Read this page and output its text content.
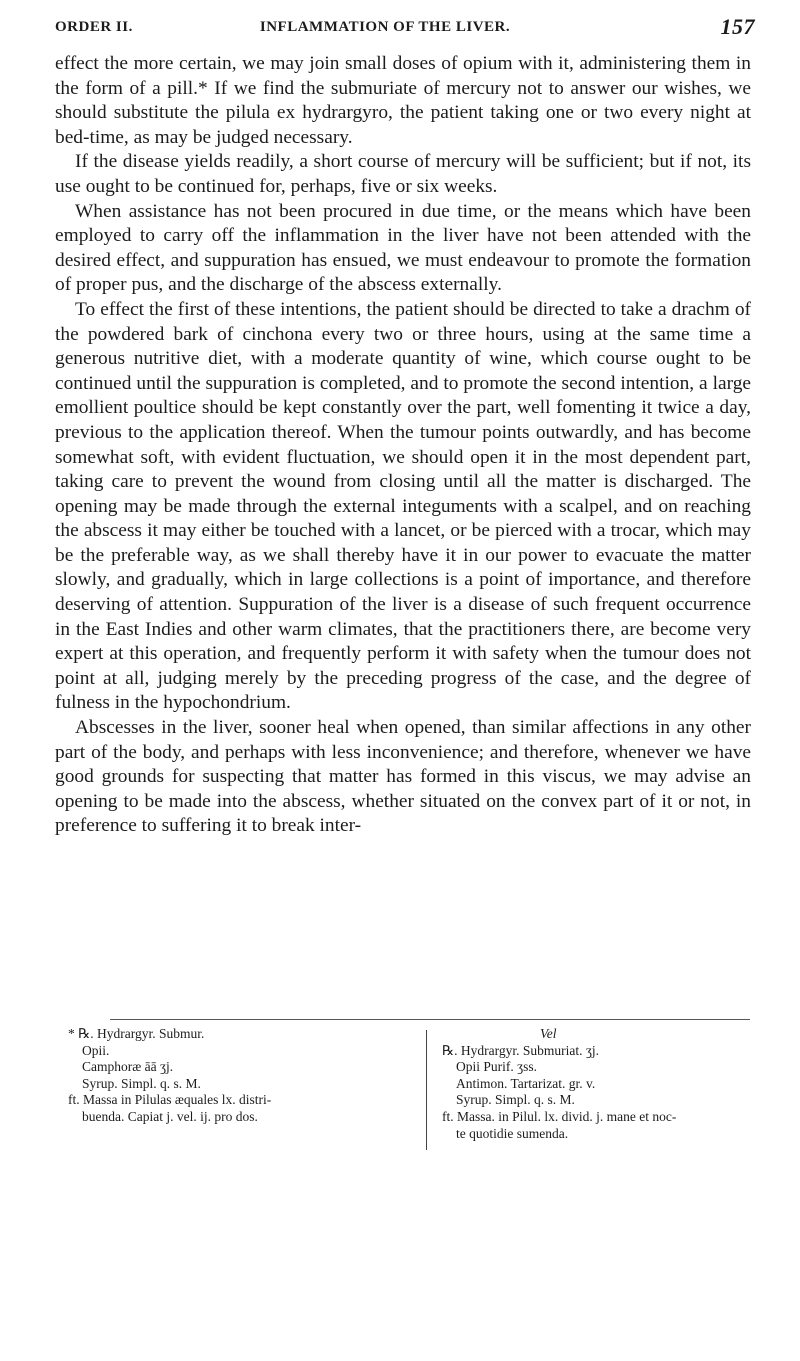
ORDER II.	INFLAMMATION OF THE LIVER.	157

effect the more certain, we may join small doses of opium with it, administering them in the form of a pill.* If we find the submuriate of mercury not to answer our wishes, we should substitute the pilula ex hydrargyro, the patient taking one or two every night at bed-time, as may be judged necessary.

If the disease yields readily, a short course of mercury will be sufficient; but if not, its use ought to be continued for, perhaps, five or six weeks.

When assistance has not been procured in due time, or the means which have been employed to carry off the inflammation in the liver have not been attended with the desired effect, and suppuration has ensued, we must endeavour to promote the formation of proper pus, and the discharge of the abscess externally.

To effect the first of these intentions, the patient should be directed to take a drachm of the powdered bark of cinchona every two or three hours, using at the same time a generous nutritive diet, with a moderate quantity of wine, which course ought to be continued until the suppuration is completed, and to promote the second intention, a large emollient poultice should be kept constantly over the part, well fomenting it twice a day, previous to the application thereof. When the tumour points outwardly, and has become somewhat soft, with evident fluctuation, we should open it in the most dependent part, taking care to prevent the wound from closing until all the matter is discharged. The opening may be made through the external integuments with a scalpel, and on reaching the abscess it may either be touched with a lancet, or be pierced with a trocar, which may be the preferable way, as we shall thereby have it in our power to evacuate the matter slowly, and gradually, which in large collections is a point of importance, and therefore deserving of attention. Suppuration of the liver is a disease of such frequent occurrence in the East Indies and other warm climates, that the practitioners there, are become very expert at this operation, and frequently perform it with safety when the tumour does not point at all, judging merely by the preceding progress of the case, and the degree of fulness in the hypochondrium.

Abscesses in the liver, sooner heal when opened, than similar affections in any other part of the body, and perhaps with less inconvenience; and therefore, whenever we have good grounds for suspecting that matter has formed in this viscus, we may advise an opening to be made into the abscess, whether situated on the convex part of it or not, in preference to suffering it to break inter-

* ℞. Hydrargyr. Submur.
Opii.
Camphoræ āā ʒj.
Syrup. Simpl. q. s. M.
ft. Massa in Pilulas æquales lx. distri-
buenda. Capiat j. vel. ij. pro dos.
Vel
℞. Hydrargyr. Submuriat. ʒj.
Opii Purif. ʒss.
Antimon. Tartarizat. gr. v.
Syrup. Simpl. q. s. M.
ft. Massa. in Pilul. lx. divid. j. mane et noc-
te quotidie sumenda.
